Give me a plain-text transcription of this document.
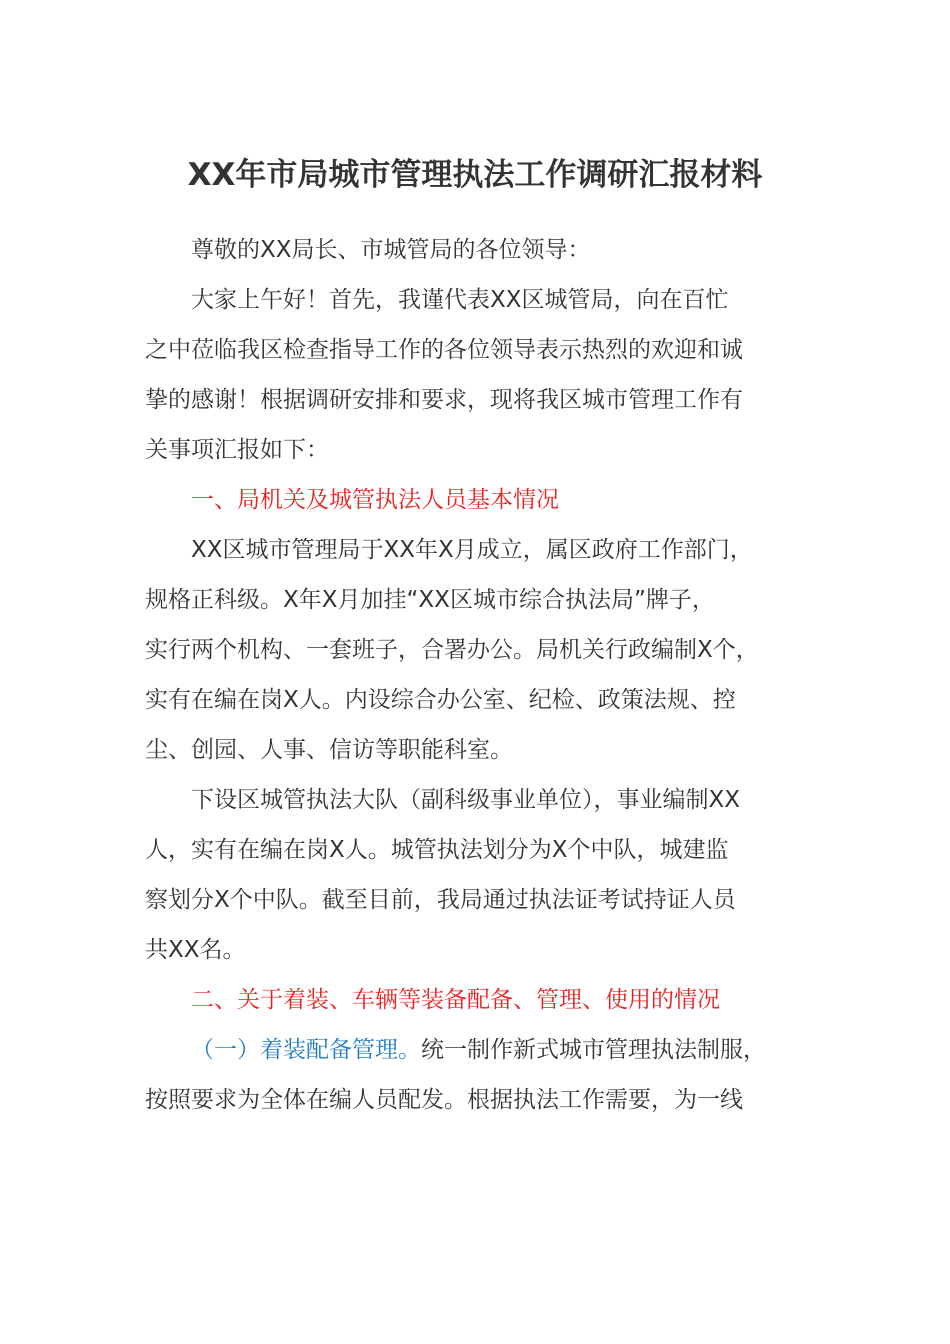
XX年市局城市管理执法工作调研汇报材料

尊敬的XX局长、市城管局的各位领导：

大家上午好！首先，我谨代表XX区城管局，向在百忙

之中莅临我区检查指导工作的各位领导表示热烈的欢迎和诚

挚的感谢！根据调研安排和要求，现将我区城市管理工作有

关事项汇报如下：

一、局机关及城管执法人员基本情况

XX区城市管理局于XX年X月成立，属区政府工作部门，

规格正科级。X年X月加挂“XX区城市综合执法局”牌子，

实行两个机构、一套班子，合署办公。局机关行政编制X个，

实有在编在岗X人。内设综合办公室、纪检、政策法规、控

尘、创园、人事、信访等职能科室。

下设区城管执法大队（副科级事业单位），事业编制XX

人，实有在编在岗X人。城管执法划分为X个中队，城建监

察划分X个中队。截至目前，我局通过执法证考试持证人员

共XX名。

二、关于着装、车辆等装备配备、管理、使用的情况

（一）着装配备管理。统一制作新式城市管理执法制服，

按照要求为全体在编人员配发。根据执法工作需要，为一线
